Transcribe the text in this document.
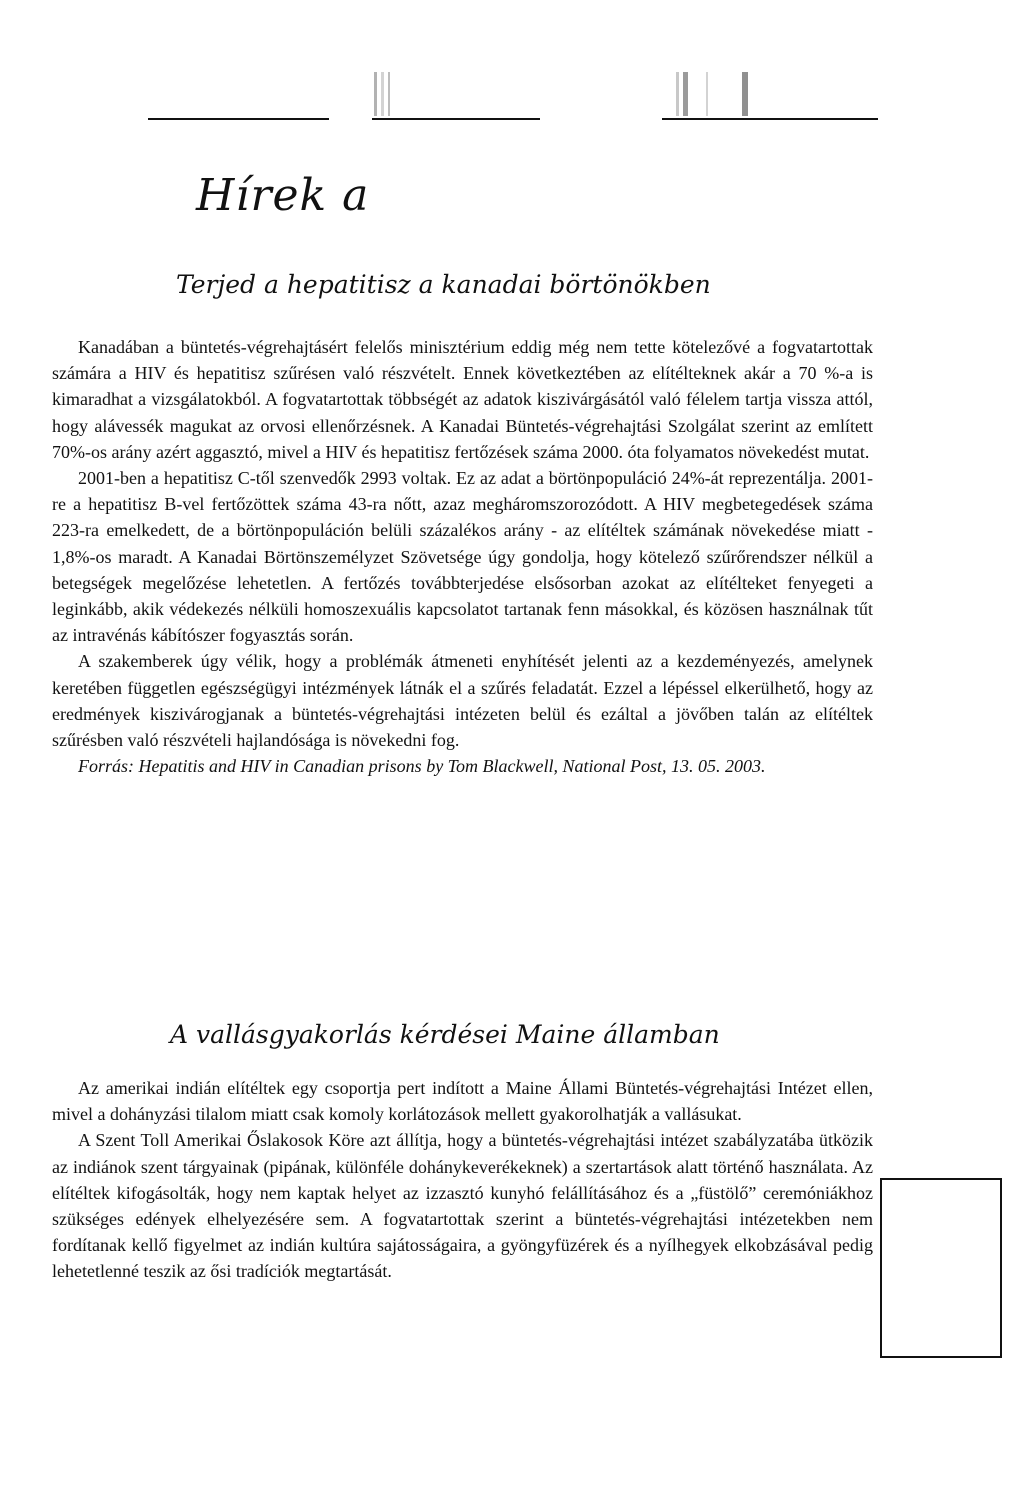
Hírek a
Terjed a hepatitisz a kanadai börtönökben

Kanadában a büntetés-végrehajtásért felelős minisztérium eddig még nem tette kötelezővé a fogvatartottak számára a HIV és hepatitisz szűrésen való részvételt. Ennek következtében az elítélteknek akár a 70 %-a is kimaradhat a vizsgálatokból. A fogvatartottak többségét az adatok kiszivárgásától való félelem tartja vissza attól, hogy alávessék magukat az orvosi ellenőrzésnek. A Kanadai Büntetés-végrehajtási Szolgálat szerint az említett 70%-os arány azért aggasztó, mivel a HIV és hepatitisz fertőzések száma 2000. óta folyamatos növekedést mutat.

2001-ben a hepatitisz C-től szenvedők 2993 voltak. Ez az adat a börtönpopuláció 24%-át reprezentálja. 2001-re a hepatitisz B-vel fertőzöttek száma 43-ra nőtt, azaz megháromszorozódott. A HIV megbetegedések száma 223-ra emelkedett, de a börtönpopuláción belüli százalékos arány - az elítéltek számának növekedése miatt - 1,8%-os maradt. A Kanadai Börtönszemélyzet Szövetsége úgy gondolja, hogy kötelező szűrőrendszer nélkül a betegségek megelőzése lehetetlen. A fertőzés továbbterjedése elsősorban azokat az elítélteket fenyegeti a leginkább, akik védekezés nélküli homoszexuális kapcsolatot tartanak fenn másokkal, és közösen használnak tűt az intravénás kábítószer fogyasztás során.

A szakemberek úgy vélik, hogy a problémák átmeneti enyhítését jelenti az a kezdeményezés, amelynek keretében független egészségügyi intézmények látnák el a szűrés feladatát. Ezzel a lépéssel elkerülhető, hogy az eredmények kiszivárogjanak a büntetés-végrehajtási intézeten belül és ezáltal a jövőben talán az elítéltek szűrésben való részvételi hajlandósága is növekedni fog.

Forrás: Hepatitis and HIV in Canadian prisons by Tom Blackwell, National Post, 13. 05. 2003.

A vallásgyakorlás kérdései Maine államban

Az amerikai indián elítéltek egy csoportja pert indított a Maine Állami Büntetés-végrehajtási Intézet ellen, mivel a dohányzási tilalom miatt csak komoly korlátozások mellett gyakorolhatják a vallásukat.

A Szent Toll Amerikai Őslakosok Köre azt állítja, hogy a büntetés-végrehajtási intézet szabályzatába ütközik az indiánok szent tárgyainak (pipának, különféle dohánykeverékeknek) a szertartások alatt történő használata. Az elítéltek kifogásolták, hogy nem kaptak helyet az izzasztó kunyhó felállításához és a „füstölő” ceremóniákhoz szükséges edények elhelyezésére sem. A fogvatartottak szerint a büntetés-végrehajtási intézetekben nem fordítanak kellő figyelmet az indián kultúra sajátosságaira, a gyöngyfüzérek és a nyílhegyek elkobzásával pedig lehetetlenné teszik az ősi tradíciók megtartását.
